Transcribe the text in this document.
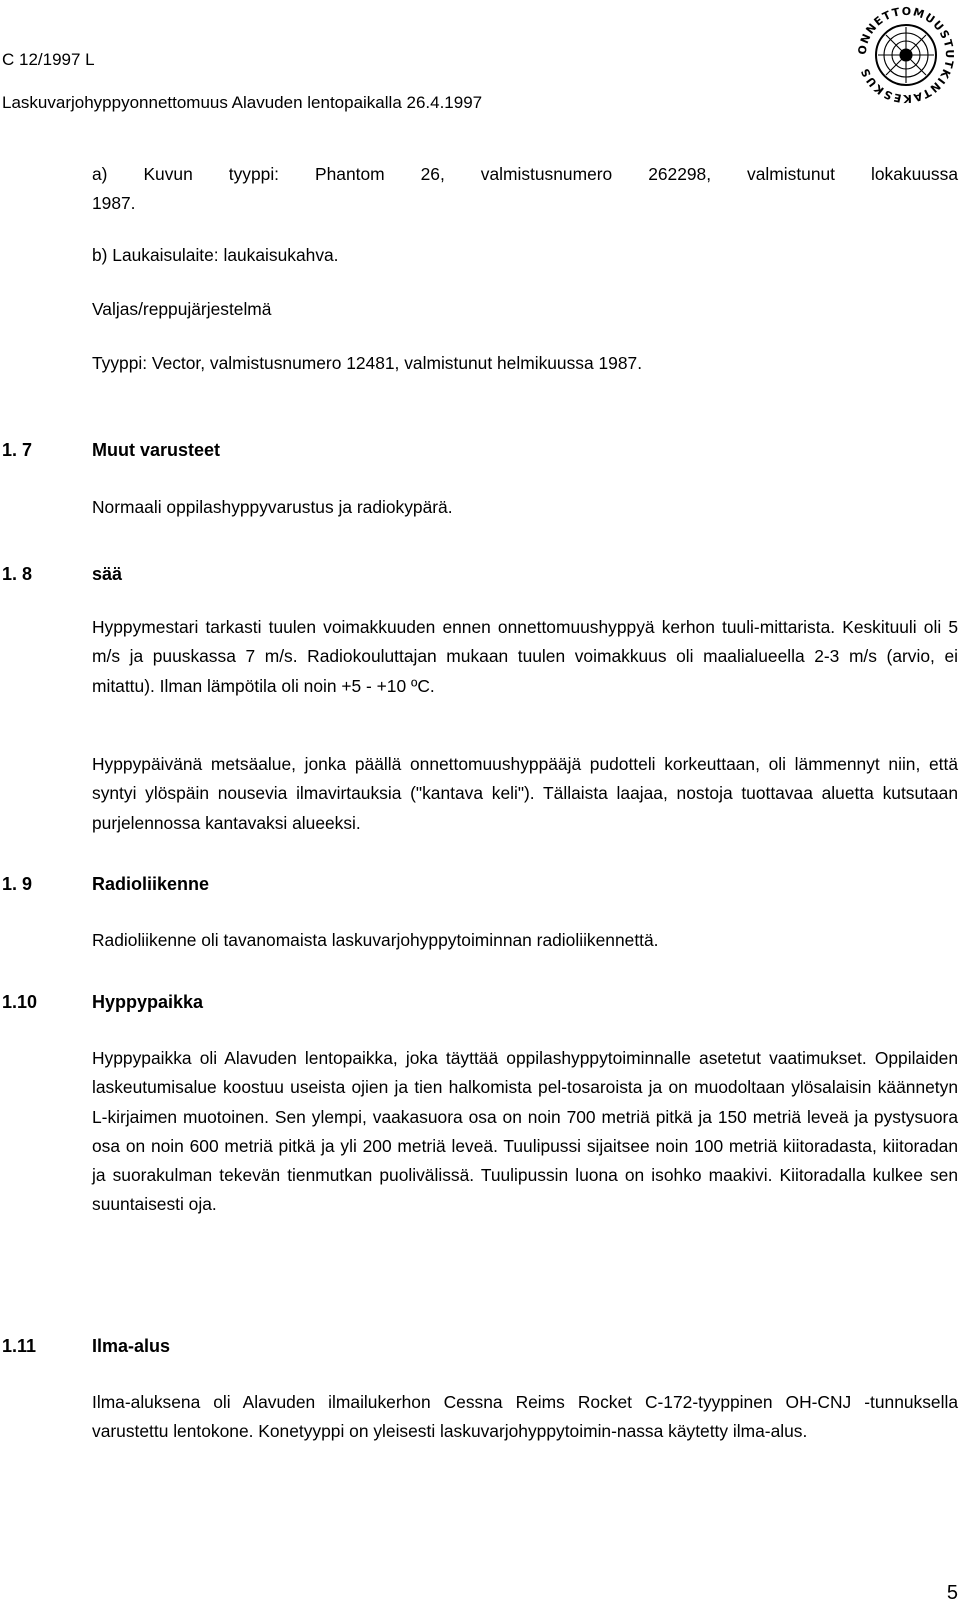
C 12/1997 L
Laskuvarjohyppyonnettomuus Alavuden lentopaikalla 26.4.1997
ONNETTOMUUSTUTKINTAKESKUS
a) Kuvun tyyppi: Phantom 26, valmistusnumero 262298, valmistunut lokakuussa
1987.
b) Laukaisulaite: laukaisukahva.
Valjas/reppujärjestelmä
Tyyppi: Vector, valmistusnumero 12481, valmistunut helmikuussa 1987.
1. 7	Muut varusteet
Normaali oppilashyppyvarustus ja radiokypärä.
1. 8	sää
Hyppymestari tarkasti tuulen voimakkuuden ennen onnettomuushyppyä kerhon tuuli-mittarista. Keskituuli oli 5 m/s ja puuskassa 7 m/s. Radiokouluttajan mukaan tuulen voimakkuus oli maalialueella 2-3 m/s (arvio, ei mitattu). Ilman lämpötila oli noin +5 - +10 ºC.
Hyppypäivänä metsäalue, jonka päällä onnettomuushyppääjä pudotteli korkeuttaan, oli lämmennyt niin, että syntyi ylöspäin nousevia ilmavirtauksia ("kantava keli"). Tällaista laajaa, nostoja tuottavaa aluetta kutsutaan purjelennossa kantavaksi alueeksi.
1. 9	Radioliikenne
Radioliikenne oli tavanomaista laskuvarjohyppytoiminnan radioliikennettä.
1.10	Hyppypaikka
Hyppypaikka oli Alavuden lentopaikka, joka täyttää oppilashyppytoiminnalle asetetut vaatimukset. Oppilaiden laskeutumisalue koostuu useista ojien ja tien halkomista pel-tosaroista ja on muodoltaan ylösalaisin käännetyn L-kirjaimen muotoinen. Sen ylempi, vaakasuora osa on noin 700 metriä pitkä ja 150 metriä leveä ja pystysuora osa on noin 600 metriä pitkä ja yli 200 metriä leveä. Tuulipussi sijaitsee noin 100 metriä kiitoradasta, kiitoradan ja suorakulman tekevän tienmutkan puolivälissä. Tuulipussin luona on isohko maakivi. Kiitoradalla kulkee sen suuntaisesti oja.
1.11	Ilma-alus
Ilma-aluksena oli Alavuden ilmailukerhon Cessna Reims Rocket C-172-tyyppinen OH-CNJ -tunnuksella varustettu lentokone. Konetyyppi on yleisesti laskuvarjohyppytoimin-nassa käytetty ilma-alus.
5
